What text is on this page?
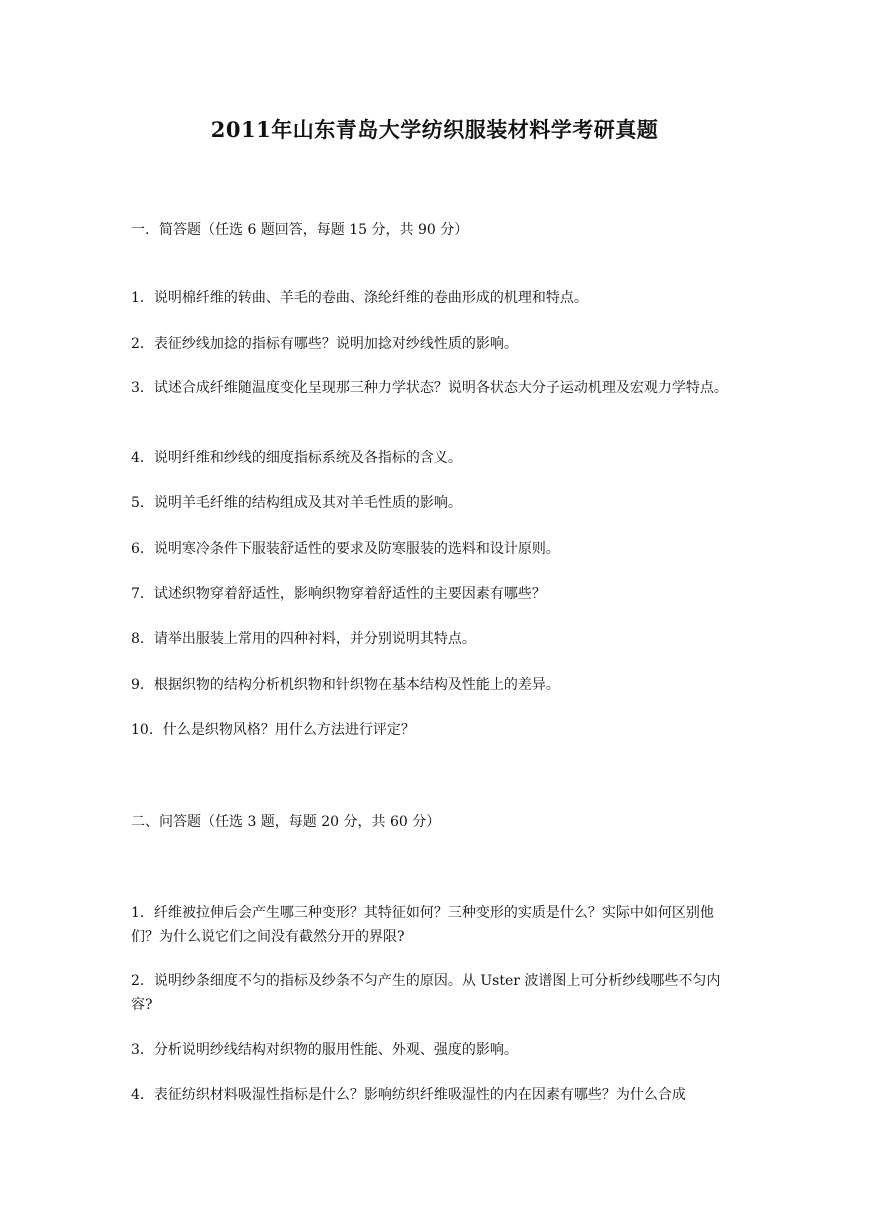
2011年山东青岛大学纺织服装材料学考研真题
一．简答题（任选 6 题回答，每题 15 分，共 90 分）
1．说明棉纤维的转曲、羊毛的卷曲、涤纶纤维的卷曲形成的机理和特点。
2．表征纱线加捻的指标有哪些？说明加捻对纱线性质的影响。
3．试述合成纤维随温度变化呈现那三种力学状态？说明各状态大分子运动机理及宏观力学特点。
4．说明纤维和纱线的细度指标系统及各指标的含义。
5．说明羊毛纤维的结构组成及其对羊毛性质的影响。
6．说明寒冷条件下服装舒适性的要求及防寒服装的选料和设计原则。
7．试述织物穿着舒适性，影响织物穿着舒适性的主要因素有哪些？
8．请举出服装上常用的四种衬料，并分别说明其特点。
9．根据织物的结构分析机织物和针织物在基本结构及性能上的差异。
10．什么是织物风格？用什么方法进行评定？
二、问答题（任选 3 题，每题 20 分，共 60 分）
1．纤维被拉伸后会产生哪三种变形？其特征如何？三种变形的实质是什么？实际中如何区别他们？为什么说它们之间没有截然分开的界限?
2．说明纱条细度不匀的指标及纱条不匀产生的原因。从 Uster 波谱图上可分析纱线哪些不匀内容?
3．分析说明纱线结构对织物的服用性能、外观、强度的影响。
4．表征纺织材料吸湿性指标是什么？影响纺织纤维吸湿性的内在因素有哪些？为什么合成
